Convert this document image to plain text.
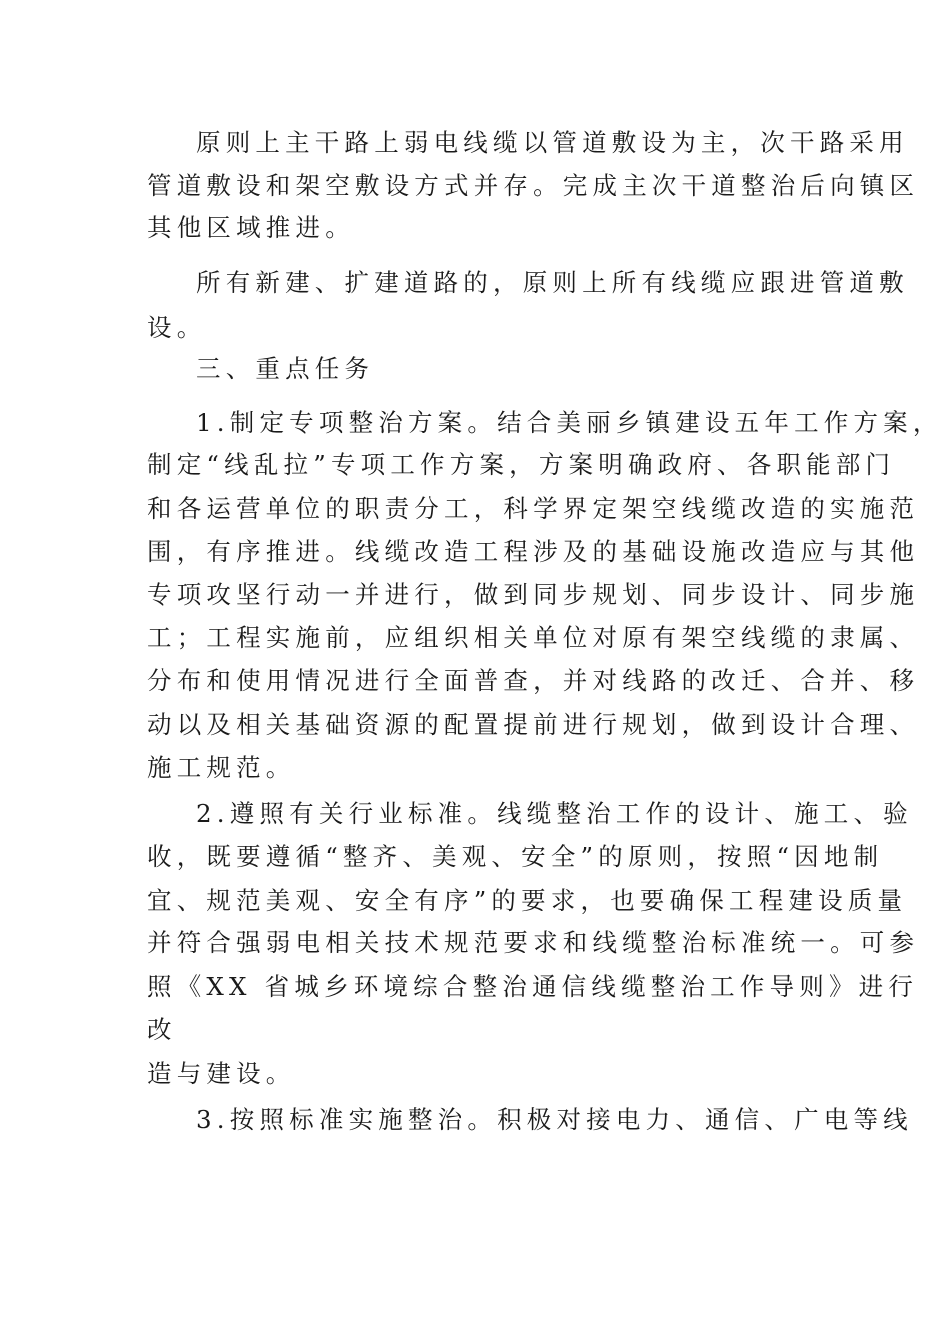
原则上主干路上弱电线缆以管道敷设为主，次干路采用
管道敷设和架空敷设方式并存。完成主次干道整治后向镇区
其他区域推进。
所有新建、扩建道路的，原则上所有线缆应跟进管道敷
设。
三、重点任务
1.制定专项整治方案。结合美丽乡镇建设五年工作方案，
制定“线乱拉”专项工作方案，方案明确政府、各职能部门
和各运营单位的职责分工，科学界定架空线缆改造的实施范
围，有序推进。线缆改造工程涉及的基础设施改造应与其他
专项攻坚行动一并进行，做到同步规划、同步设计、同步施
工；工程实施前，应组织相关单位对原有架空线缆的隶属、
分布和使用情况进行全面普查，并对线路的改迁、合并、移
动以及相关基础资源的配置提前进行规划，做到设计合理、
施工规范。
2.遵照有关行业标准。线缆整治工作的设计、施工、验
收，既要遵循“整齐、美观、安全”的原则，按照“因地制
宜、规范美观、安全有序”的要求，也要确保工程建设质量
并符合强弱电相关技术规范要求和线缆整治标准统一。可参
照《XX 省城乡环境综合整治通信线缆整治工作导则》进行
改
造与建设。
3.按照标准实施整治。积极对接电力、通信、广电等线
